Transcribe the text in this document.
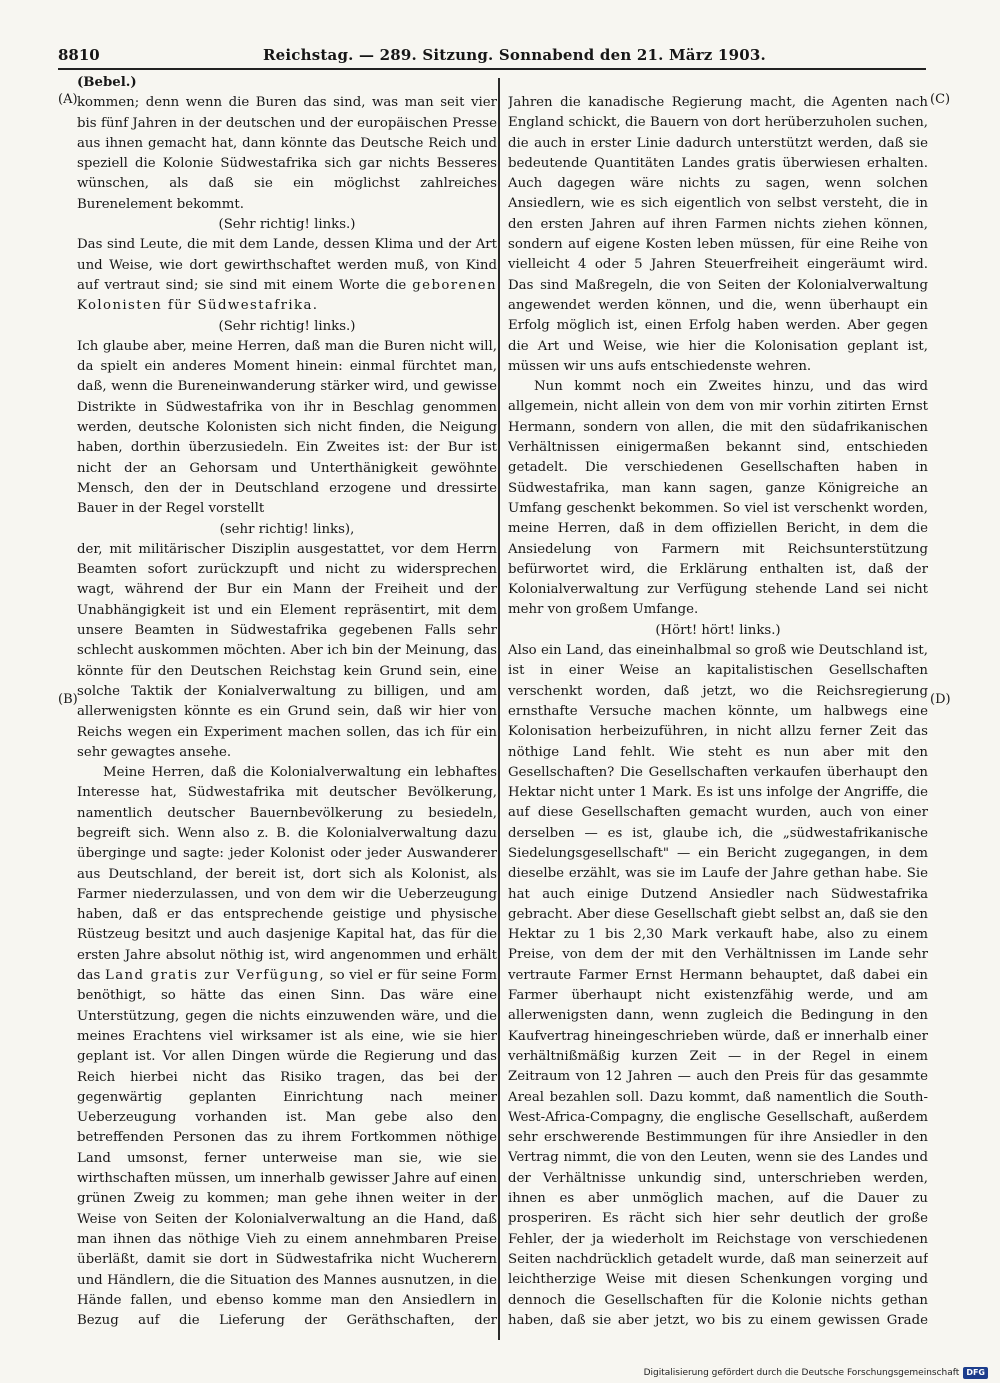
8810	Reichstag. — 289. Sitzung. Sonnabend den 21. März 1903.
(A)
(B)
(C)
(D)
(Bebel.)

kommen; denn wenn die Buren das sind, was man seit vier bis fünf Jahren in der deutschen und der europäischen Presse aus ihnen gemacht hat, dann könnte das Deutsche Reich und speziell die Kolonie Südwestafrika sich gar nichts Besseres wünschen, als daß sie ein möglichst zahlreiches Burenelement bekommt.

(Sehr richtig! links.)

Das sind Leute, die mit dem Lande, dessen Klima und der Art und Weise, wie dort gewirthschaftet werden muß, von Kind auf vertraut sind; sie sind mit einem Worte die geborenen Kolonisten für Südwestafrika.

(Sehr richtig! links.)

Ich glaube aber, meine Herren, daß man die Buren nicht will, da spielt ein anderes Moment hinein: einmal fürchtet man, daß, wenn die Bureneinwanderung stärker wird, und gewisse Distrikte in Südwestafrika von ihr in Beschlag genommen werden, deutsche Kolonisten sich nicht finden, die Neigung haben, dorthin überzusiedeln. Ein Zweites ist: der Bur ist nicht der an Gehorsam und Unterthänigkeit gewöhnte Mensch, den der in Deutschland erzogene und dressirte Bauer in der Regel vorstellt

(sehr richtig! links),

der, mit militärischer Disziplin ausgestattet, vor dem Herrn Beamten sofort zurückzupft und nicht zu widersprechen wagt, während der Bur ein Mann der Freiheit und der Unabhängigkeit ist und ein Element repräsentirt, mit dem unsere Beamten in Südwestafrika gegebenen Falls sehr schlecht auskommen möchten. Aber ich bin der Meinung, das könnte für den Deutschen Reichstag kein Grund sein, eine solche Taktik der Konialverwaltung zu billigen, und am allerwenigsten könnte es ein Grund sein, daß wir hier von Reichs wegen ein Experiment machen sollen, das ich für ein sehr gewagtes ansehe.

Meine Herren, daß die Kolonialverwaltung ein lebhaftes Interesse hat, Südwestafrika mit deutscher Bevölkerung, namentlich deutscher Bauernbevölkerung zu besiedeln, begreift sich. Wenn also z. B. die Kolonialverwaltung dazu überginge und sagte: jeder Kolonist oder jeder Auswanderer aus Deutschland, der bereit ist, dort sich als Kolonist, als Farmer niederzulassen, und von dem wir die Ueberzeugung haben, daß er das entsprechende geistige und physische Rüstzeug besitzt und auch dasjenige Kapital hat, das für die ersten Jahre absolut nöthig ist, wird angenommen und erhält das Land gratis zur Verfügung, so viel er für seine Form benöthigt, so hätte das einen Sinn. Das wäre eine Unterstützung, gegen die nichts einzuwenden wäre, und die meines Erachtens viel wirksamer ist als eine, wie sie hier geplant ist. Vor allen Dingen würde die Regierung und das Reich hierbei nicht das Risiko tragen, das bei der gegenwärtig geplanten Einrichtung nach meiner Ueberzeugung vorhanden ist. Man gebe also den betreffenden Personen das zu ihrem Fortkommen nöthige Land umsonst, ferner unterweise man sie, wie sie wirthschaften müssen, um innerhalb gewisser Jahre auf einen grünen Zweig zu kommen; man gehe ihnen weiter in der Weise von Seiten der Kolonialverwaltung an die Hand, daß man ihnen das nöthige Vieh zu einem annehmbaren Preise überläßt, damit sie dort in Südwestafrika nicht Wucherern und Händlern, die die Situation des Mannes ausnutzen, in die Hände fallen, und ebenso komme man den Ansiedlern in Bezug auf die Lieferung der Geräthschaften, der

Jahren die kanadische Regierung macht, die Agenten nach England schickt, die Bauern von dort herüberzuholen suchen, die auch in erster Linie dadurch unterstützt werden, daß sie bedeutende Quantitäten Landes gratis überwiesen erhalten. Auch dagegen wäre nichts zu sagen, wenn solchen Ansiedlern, wie es sich eigentlich von selbst versteht, die in den ersten Jahren auf ihren Farmen nichts ziehen können, sondern auf eigene Kosten leben müssen, für eine Reihe von vielleicht 4 oder 5 Jahren Steuerfreiheit eingeräumt wird. Das sind Maßregeln, die von Seiten der Kolonialverwaltung angewendet werden können, und die, wenn überhaupt ein Erfolg möglich ist, einen Erfolg haben werden. Aber gegen die Art und Weise, wie hier die Kolonisation geplant ist, müssen wir uns aufs entschiedenste wehren.

Nun kommt noch ein Zweites hinzu, und das wird allgemein, nicht allein von dem von mir vorhin zitirten Ernst Hermann, sondern von allen, die mit den südafrikanischen Verhältnissen einigermaßen bekannt sind, entschieden getadelt. Die verschiedenen Gesellschaften haben in Südwestafrika, man kann sagen, ganze Königreiche an Umfang geschenkt bekommen. So viel ist verschenkt worden, meine Herren, daß in dem offiziellen Bericht, in dem die Ansiedelung von Farmern mit Reichsunterstützung befürwortet wird, die Erklärung enthalten ist, daß der Kolonialverwaltung zur Verfügung stehende Land sei nicht mehr von großem Umfange.

(Hört! hört! links.)

Also ein Land, das eineinhalbmal so groß wie Deutschland ist, ist in einer Weise an kapitalistischen Gesellschaften verschenkt worden, daß jetzt, wo die Reichsregierung ernsthafte Versuche machen könnte, um halbwegs eine Kolonisation herbeizuführen, in nicht allzu ferner Zeit das nöthige Land fehlt. Wie steht es nun aber mit den Gesellschaften? Die Gesellschaften verkaufen überhaupt den Hektar nicht unter 1 Mark. Es ist uns infolge der Angriffe, die auf diese Gesellschaften gemacht wurden, auch von einer derselben — es ist, glaube ich, die „südwestafrikanische Siedelungsgesellschaft" — ein Bericht zugegangen, in dem dieselbe erzählt, was sie im Laufe der Jahre gethan habe. Sie hat auch einige Dutzend Ansiedler nach Südwestafrika gebracht. Aber diese Gesellschaft giebt selbst an, daß sie den Hektar zu 1 bis 2,30 Mark verkauft habe, also zu einem Preise, von dem der mit den Verhältnissen im Lande sehr vertraute Farmer Ernst Hermann behauptet, daß dabei ein Farmer überhaupt nicht existenzfähig werde, und am allerwenigsten dann, wenn zugleich die Bedingung in den Kaufvertrag hineingeschrieben würde, daß er innerhalb einer verhältnißmäßig kurzen Zeit — in der Regel in einem Zeitraum von 12 Jahren — auch den Preis für das gesammte Areal bezahlen soll. Dazu kommt, daß namentlich die South-West-Africa-Compagny, die englische Gesellschaft, außerdem sehr erschwerende Bestimmungen für ihre Ansiedler in den Vertrag nimmt, die von den Leuten, wenn sie des Landes und der Verhältnisse unkundig sind, unterschrieben werden, ihnen es aber unmöglich machen, auf die Dauer zu prosperiren. Es rächt sich hier sehr deutlich der große Fehler, der ja wiederholt im Reichstage von verschiedenen Seiten nachdrücklich getadelt wurde, daß man seinerzeit auf leichtherzige Weise mit diesen Schenkungen vorging und dennoch die Gesellschaften für die Kolonie nichts gethan haben, daß sie aber jetzt, wo bis zu einem gewissen Grade

Digitalisierung gefördert durch die Deutsche Forschungsgemeinschaft DFG
